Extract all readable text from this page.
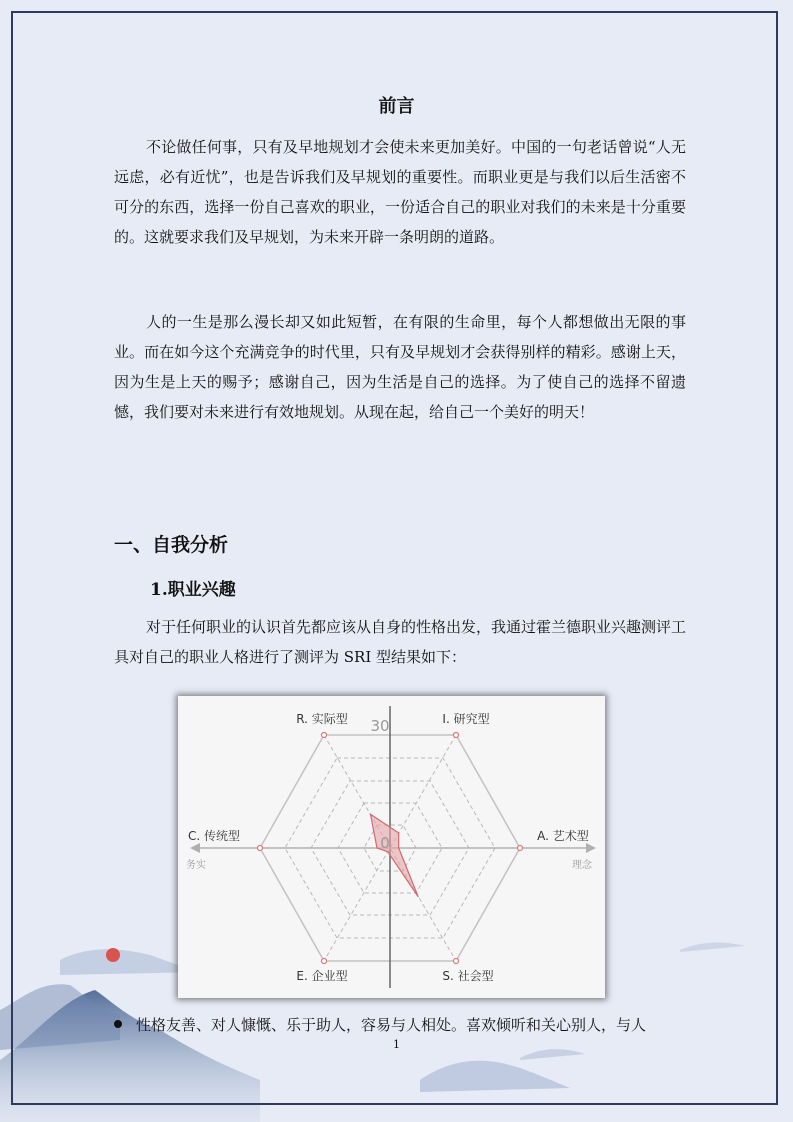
前言

不论做任何事，只有及早地规划才会使未来更加美好。中国的一句老话曾说“人无远虑，必有近忧”，也是告诉我们及早规划的重要性。而职业更是与我们以后生活密不可分的东西，选择一份自己喜欢的职业，一份适合自己的职业对我们的未来是十分重要的。这就要求我们及早规划，为未来开辟一条明朗的道路。

人的一生是那么漫长却又如此短暂，在有限的生命里，每个人都想做出无限的事业。而在如今这个充满竞争的时代里，只有及早规划才会获得别样的精彩。感谢上天，因为生是上天的赐予；感谢自己，因为生活是自己的选择。为了使自己的选择不留遗憾，我们要对未来进行有效地规划。从现在起，给自己一个美好的明天！

一、自我分析
1.职业兴趣

对于任何职业的认识首先都应该从自身的性格出发，我通过霍兰德职业兴趣测评工具对自己的职业人格进行了测评为 SRI 型结果如下：

R. 实际型	I. 研究型
A. 艺术型
C. 传统型
E. 企业型	S. 社会型
30
0
务实	理念
性格友善、对人慷慨、乐于助人，容易与人相处。喜欢倾听和关心别人，与人
1
